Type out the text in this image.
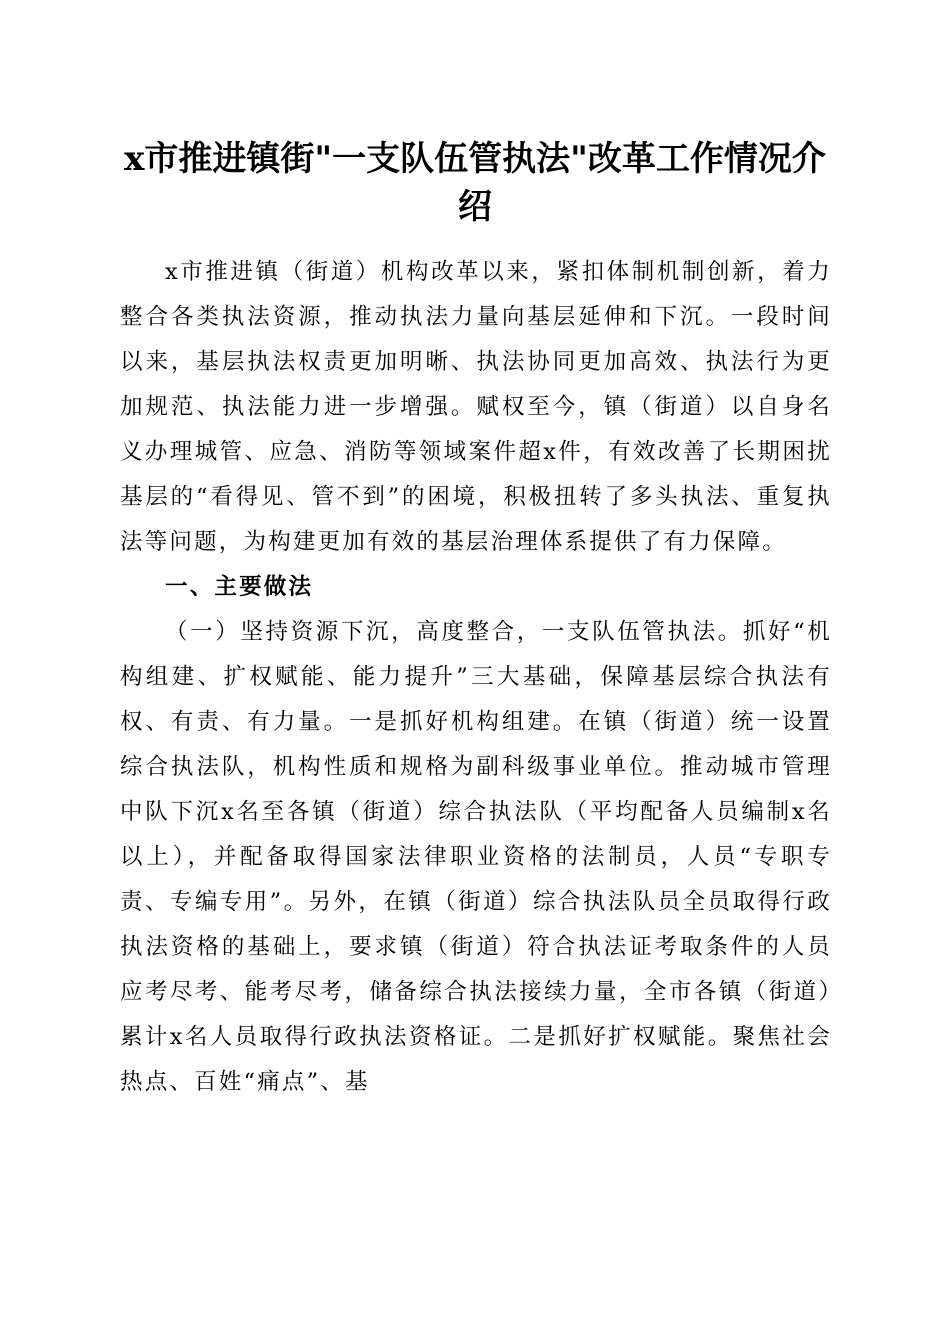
x市推进镇街"一支队伍管执法"改革工作情况介绍

x市推进镇（街道）机构改革以来，紧扣体制机制创新，着力整合各类执法资源，推动执法力量向基层延伸和下沉。一段时间以来，基层执法权责更加明晰、执法协同更加高效、执法行为更加规范、执法能力进一步增强。赋权至今，镇（街道）以自身名义办理城管、应急、消防等领域案件超x件，有效改善了长期困扰基层的“看得见、管不到”的困境，积极扭转了多头执法、重复执法等问题，为构建更加有效的基层治理体系提供了有力保障。

一、主要做法

（一）坚持资源下沉，高度整合，一支队伍管执法。抓好“机构组建、扩权赋能、能力提升”三大基础，保障基层综合执法有权、有责、有力量。一是抓好机构组建。在镇（街道）统一设置综合执法队，机构性质和规格为副科级事业单位。推动城市管理中队下沉x名至各镇（街道）综合执法队（平均配备人员编制x名以上），并配备取得国家法律职业资格的法制员，人员“专职专责、专编专用”。另外，在镇（街道）综合执法队员全员取得行政执法资格的基础上，要求镇（街道）符合执法证考取条件的人员应考尽考、能考尽考，储备综合执法接续力量，全市各镇（街道）累计x名人员取得行政执法资格证。二是抓好扩权赋能。聚焦社会热点、百姓“痛点”、基
